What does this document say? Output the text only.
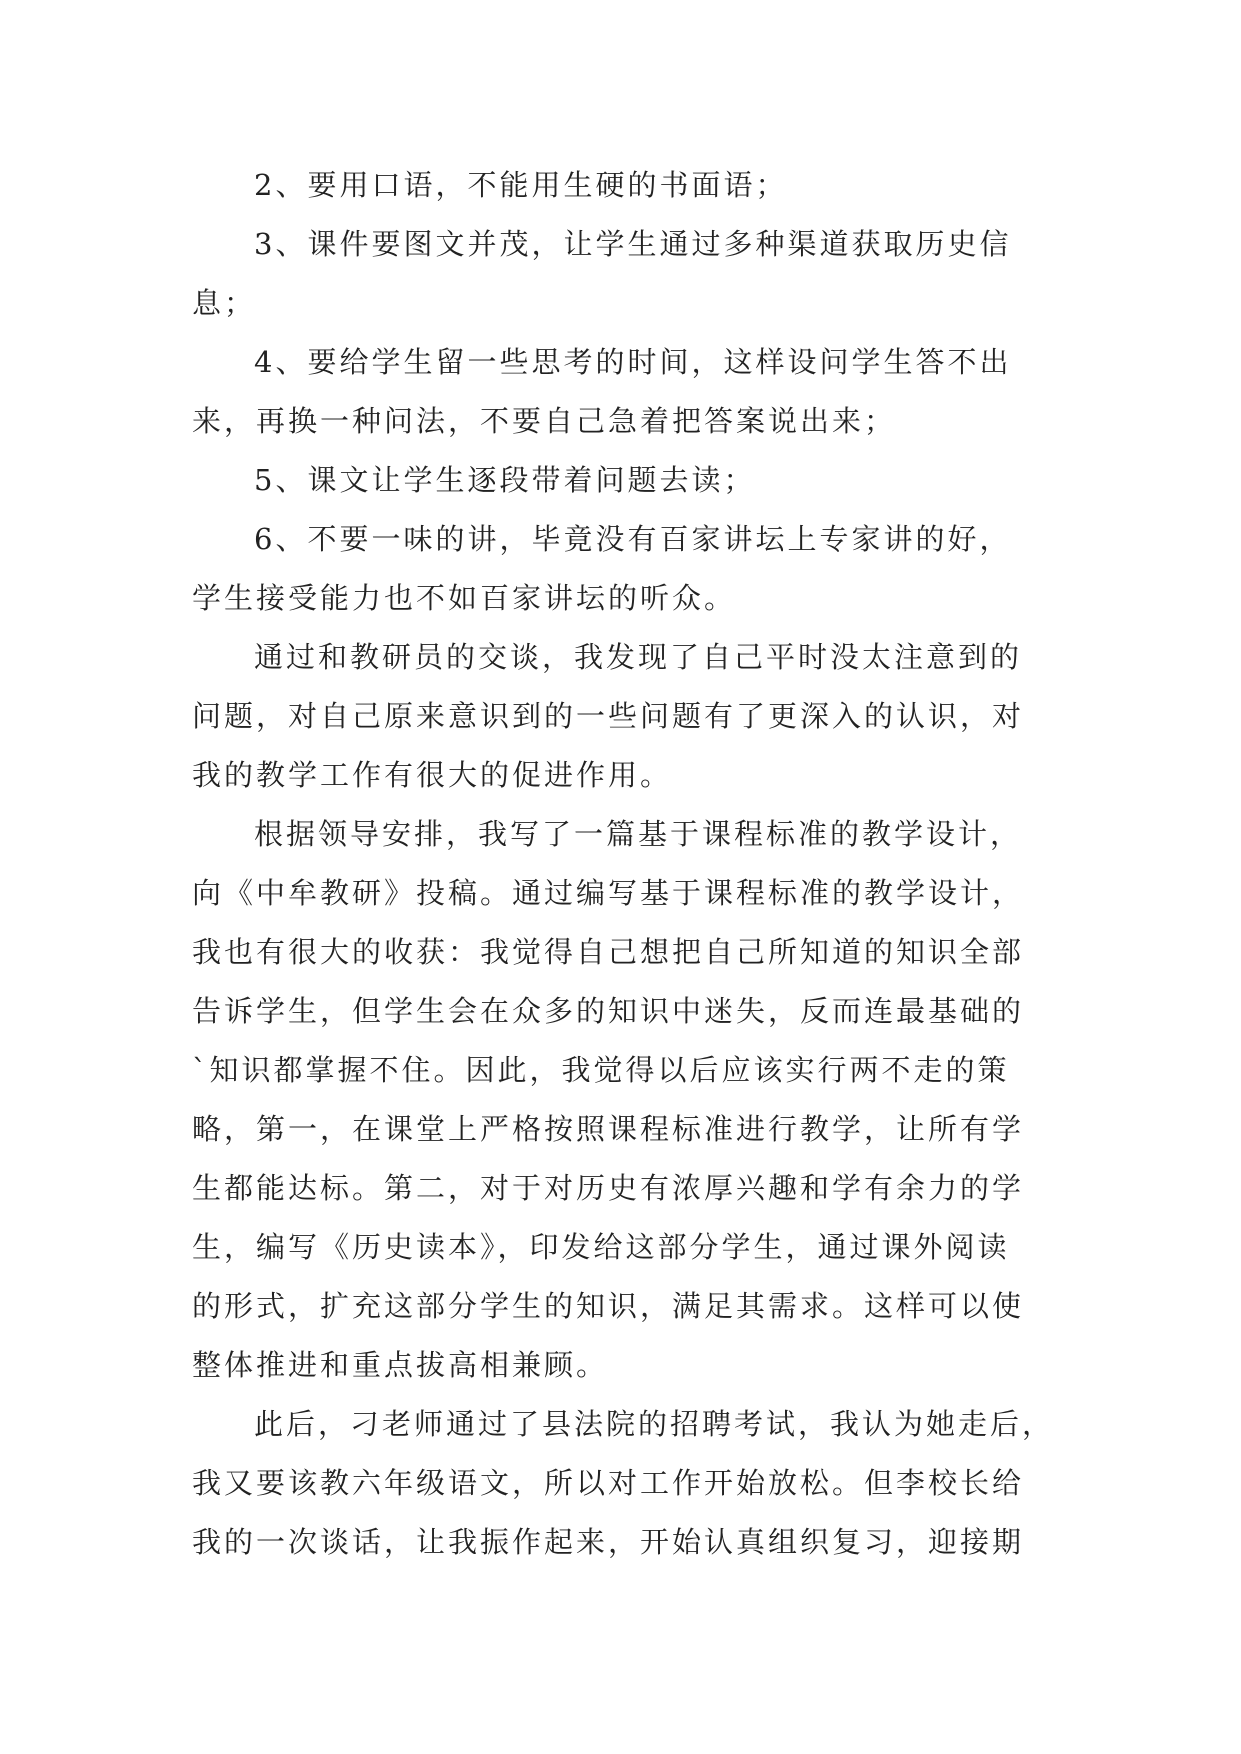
2、要用口语，不能用生硬的书面语；
3、课件要图文并茂，让学生通过多种渠道获取历史信
息；
4、要给学生留一些思考的时间，这样设问学生答不出
来，再换一种问法，不要自己急着把答案说出来；
5、课文让学生逐段带着问题去读；
6、不要一味的讲，毕竟没有百家讲坛上专家讲的好，
学生接受能力也不如百家讲坛的听众。
通过和教研员的交谈，我发现了自己平时没太注意到的
问题，对自己原来意识到的一些问题有了更深入的认识，对
我的教学工作有很大的促进作用。
根据领导安排，我写了一篇基于课程标准的教学设计，
向《中牟教研》投稿。通过编写基于课程标准的教学设计，
我也有很大的收获：我觉得自己想把自己所知道的知识全部
告诉学生，但学生会在众多的知识中迷失，反而连最基础的
`知识都掌握不住。因此，我觉得以后应该实行两不走的策
略，第一，在课堂上严格按照课程标准进行教学，让所有学
生都能达标。第二，对于对历史有浓厚兴趣和学有余力的学
生，编写《历史读本》，印发给这部分学生，通过课外阅读
的形式，扩充这部分学生的知识，满足其需求。这样可以使
整体推进和重点拔高相兼顾。
此后，刁老师通过了县法院的招聘考试，我认为她走后，
我又要该教六年级语文，所以对工作开始放松。但李校长给
我的一次谈话，让我振作起来，开始认真组织复习，迎接期
